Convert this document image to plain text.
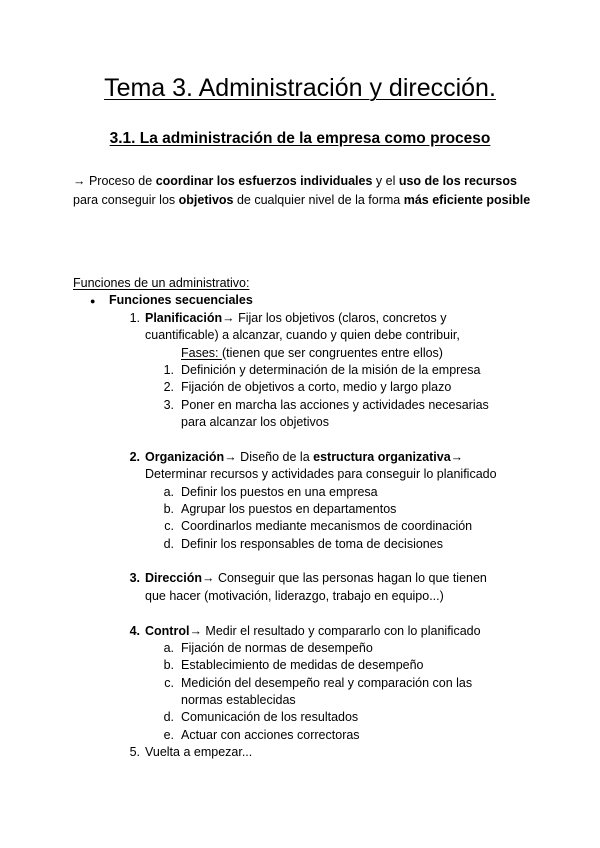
Tema 3. Administración y dirección.
3.1. La administración de la empresa como proceso
→ Proceso de coordinar los esfuerzos individuales y el uso de los recursos para conseguir los objetivos de cualquier nivel de la forma más eficiente posible
Funciones de un administrativo:
● Funciones secuenciales
1. Planificación→ Fijar los objetivos (claros, concretos y
cuantificable) a alcanzar, cuando y quien debe contribuir,
Fases: (tienen que ser congruentes entre ellos)
1. Definición y determinación de la misión de la empresa
2. Fijación de objetivos a corto, medio y largo plazo
3. Poner en marcha las acciones y actividades necesarias
para alcanzar los objetivos
2. Organización→ Diseño de la estructura organizativa→
Determinar recursos y actividades para conseguir lo planificado
a. Definir los puestos en una empresa
b. Agrupar los puestos en departamentos
c. Coordinarlos mediante mecanismos de coordinación
d. Definir los responsables de toma de decisiones
3. Dirección→ Conseguir que las personas hagan lo que tienen
que hacer (motivación, liderazgo, trabajo en equipo...)
4. Control→ Medir el resultado y compararlo con lo planificado
a. Fijación de normas de desempeño
b. Establecimiento de medidas de desempeño
c. Medición del desempeño real y comparación con las
normas establecidas
d. Comunicación de los resultados
e. Actuar con acciones correctoras
5. Vuelta a empezar...
